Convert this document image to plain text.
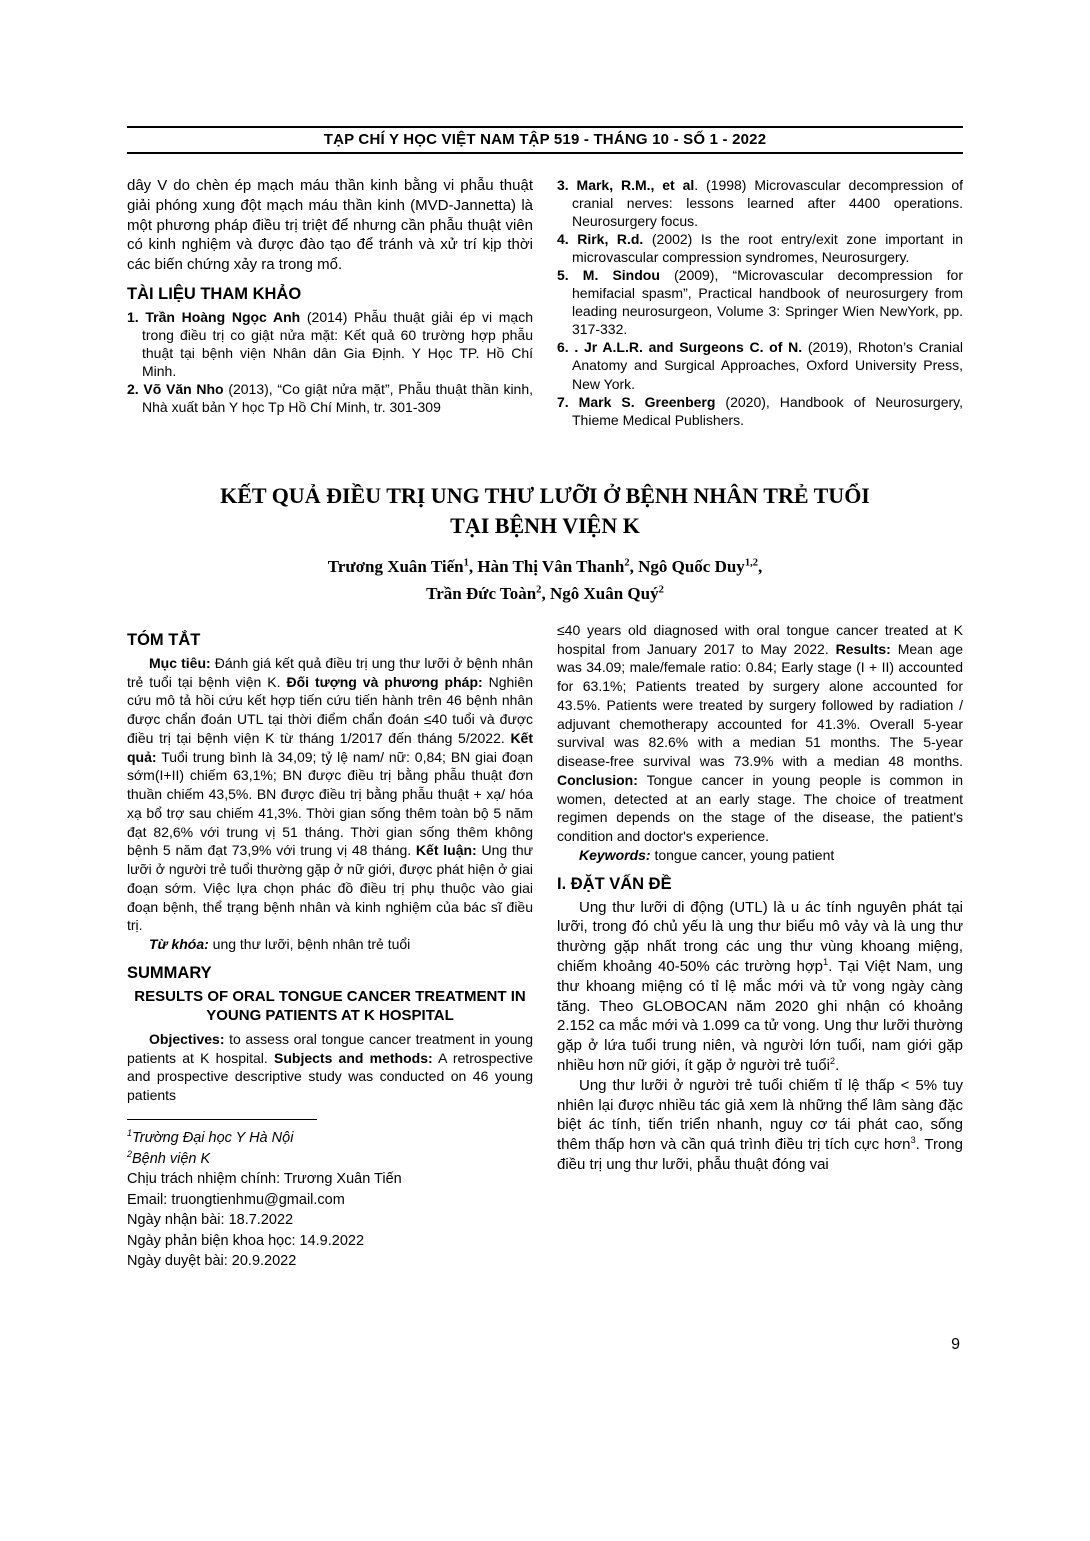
TẠP CHÍ Y HỌC VIỆT NAM TẬP 519 - THÁNG 10 - SỐ 1 - 2022

dây V do chèn ép mạch máu thần kinh bằng vi phẫu thuật giải phóng xung đột mạch máu thần kinh (MVD-Jannetta) là một phương pháp điều trị triệt để nhưng cần phẫu thuật viên có kinh nghiệm và được đào tạo để tránh và xử trí kịp thời các biến chứng xảy ra trong mổ.

TÀI LIỆU THAM KHẢO

1. Trần Hoàng Ngọc Anh (2014) Phẫu thuật giải ép vi mạch trong điều trị co giật nửa mặt: Kết quả 60 trường hợp phẫu thuật tại bệnh viện Nhân dân Gia Định. Y Học TP. Hồ Chí Minh.

2. Võ Văn Nho (2013), “Co giật nửa mặt”, Phẫu thuật thần kinh, Nhà xuất bản Y học Tp Hồ Chí Minh, tr. 301-309

3. Mark, R.M., et al. (1998) Microvascular decompression of cranial nerves: lessons learned after 4400 operations. Neurosurgery focus.

4. Rirk, R.d. (2002) Is the root entry/exit zone important in microvascular compression syndromes, Neurosurgery.

5. M. Sindou (2009), “Microvascular decompression for hemifacial spasm”, Practical handbook of neurosurgery from leading neurosurgeon, Volume 3: Springer Wien NewYork, pp. 317-332.

6. . Jr A.L.R. and Surgeons C. of N. (2019), Rhoton’s Cranial Anatomy and Surgical Approaches, Oxford University Press, New York.

7. Mark S. Greenberg (2020), Handbook of Neurosurgery, Thieme Medical Publishers.

KẾT QUẢ ĐIỀU TRỊ UNG THƯ LƯỠI Ở BỆNH NHÂN TRẺ TUỔI
TẠI BỆNH VIỆN K
Trương Xuân Tiến$^1$, Hàn Thị Vân Thanh$^2$, Ngô Quốc Duy$^{1,2}$,
Trần Đức Toàn$^2$, Ngô Xuân Quý$^2$
TÓM TẮT

Mục tiêu: Đánh giá kết quả điều trị ung thư lưỡi ở bệnh nhân trẻ tuổi tại bệnh viện K. Đối tượng và phương pháp: Nghiên cứu mô tả hồi cứu kết hợp tiến cứu tiến hành trên 46 bệnh nhân được chẩn đoán UTL tại thời điểm chẩn đoán ≤40 tuổi và được điều trị tại bệnh viện K từ tháng 1/2017 đến tháng 5/2022. Kết quả: Tuổi trung bình là 34,09; tỷ lệ nam/ nữ: 0,84; BN giai đoạn sớm(I+II) chiếm 63,1%; BN được điều trị bằng phẫu thuật đơn thuần chiếm 43,5%. BN được điều trị bằng phẫu thuật + xạ/ hóa xạ bổ trợ sau chiếm 41,3%. Thời gian sống thêm toàn bộ 5 năm đạt 82,6% với trung vị 51 tháng. Thời gian sống thêm không bệnh 5 năm đạt 73,9% với trung vị 48 tháng. Kết luận: Ung thư lưỡi ở người trẻ tuổi thường gặp ở nữ giới, được phát hiện ở giai đoạn sớm. Việc lựa chọn phác đồ điều trị phụ thuộc vào giai đoạn bệnh, thể trạng bệnh nhân và kinh nghiệm của bác sĩ điều trị.

Từ khóa: ung thư lưỡi, bệnh nhân trẻ tuổi

SUMMARY
RESULTS OF ORAL TONGUE CANCER TREATMENT IN YOUNG PATIENTS AT K HOSPITAL

Objectives: to assess oral tongue cancer treatment in young patients at K hospital. Subjects and methods: A retrospective and prospective descriptive study was conducted on 46 young patients

$^1$Trường Đại học Y Hà Nội
$^2$Bệnh viện K
Chịu trách nhiệm chính: Trương Xuân Tiến
Email: truongtienhmu@gmail.com
Ngày nhận bài: 18.7.2022
Ngày phản biện khoa học: 14.9.2022
Ngày duyệt bài: 20.9.2022

≤40 years old diagnosed with oral tongue cancer treated at K hospital from January 2017 to May 2022. Results: Mean age was 34.09; male/female ratio: 0.84; Early stage (I + II) accounted for 63.1%; Patients treated by surgery alone accounted for 43.5%. Patients were treated by surgery followed by radiation / adjuvant chemotherapy accounted for 41.3%. Overall 5-year survival was 82.6% with a median 51 months. The 5-year disease-free survival was 73.9% with a median 48 months. Conclusion: Tongue cancer in young people is common in women, detected at an early stage. The choice of treatment regimen depends on the stage of the disease, the patient's condition and doctor's experience.

Keywords: tongue cancer, young patient

I. ĐẶT VẤN ĐỀ

Ung thư lưỡi di động (UTL) là u ác tính nguyên phát tại lưỡi, trong đó chủ yếu là ung thư biểu mô vảy và là ung thư thường gặp nhất trong các ung thư vùng khoang miệng, chiếm khoảng 40-50% các trường hợp$^1$. Tại Việt Nam, ung thư khoang miệng có tỉ lệ mắc mới và tử vong ngày càng tăng. Theo GLOBOCAN năm 2020 ghi nhận có khoảng 2.152 ca mắc mới và 1.099 ca tử vong. Ung thư lưỡi thường gặp ở lứa tuổi trung niên, và người lớn tuổi, nam giới gặp nhiều hơn nữ giới, ít gặp ở người trẻ tuổi$^2$.

Ung thư lưỡi ở người trẻ tuổi chiếm tỉ lệ thấp < 5% tuy nhiên lại được nhiều tác giả xem là những thể lâm sàng đặc biệt ác tính, tiến triển nhanh, nguy cơ tái phát cao, sống thêm thấp hơn và cần quá trình điều trị tích cực hơn$^3$. Trong điều trị ung thư lưỡi, phẫu thuật đóng vai

9
